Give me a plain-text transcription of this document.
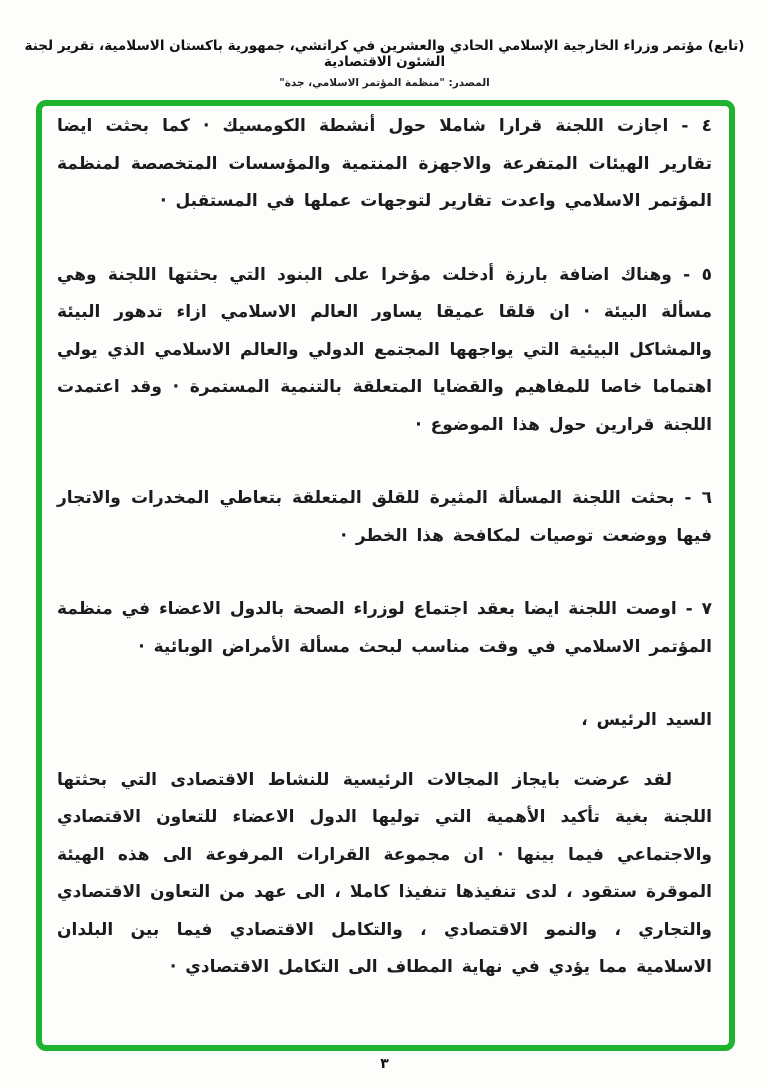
(تابع) مؤتمر وزراء الخارجية الإسلامي الحادي والعشرين في كراتشي، جمهورية باكستان الاسلامية، تقرير لجنة الشئون الاقتصادية
المصدر: "منظمة المؤتمر الاسلامي، جدة"

٤ - اجازت اللجنة قرارا شاملا حول أنشطة الكومسيك · كما بحثت ايضا تقارير الهيئات المتفرعة والاجهزة المنتمية والمؤسسات المتخصصة لمنظمة المؤتمر الاسلامي واعدت تقارير لتوجهات عملها في المستقبل ·

٥ - وهناك اضافة بارزة أدخلت مؤخرا على البنود التي بحثتها اللجنة وهي مسألة البيئة · ان قلقا عميقا يساور العالم الاسلامي ازاء تدهور البيئة والمشاكل البيئية التي يواجهها المجتمع الدولي والعالم الاسلامي الذي يولي اهتماما خاصا للمفاهيم والقضايا المتعلقة بالتنمية المستمرة · وقد اعتمدت اللجنة قرارين حول هذا الموضوع ·

٦ - بحثت اللجنة المسألة المثيرة للقلق المتعلقة بتعاطي المخدرات والاتجار فيها ووضعت توصيات لمكافحة هذا الخطر ·

٧ - اوصت اللجنة ايضا بعقد اجتماع لوزراء الصحة بالدول الاعضاء في منظمة المؤتمر الاسلامي في وقت مناسب لبحث مسألة الأمراض الوبائية ·

السيد الرئيس ،

لقد عرضت بايجاز المجالات الرئيسية للنشاط الاقتصادى التي بحثتها اللجنة بغية تأكيد الأهمية التي توليها الدول الاعضاء للتعاون الاقتصادي والاجتماعي فيما بينها · ان مجموعة القرارات المرفوعة الى هذه الهيئة الموقرة ستقود ، لدى تنفيذها تنفيذا كاملا ، الى عهد من التعاون الاقتصادي والتجاري ، والنمو الاقتصادي ، والتكامل الاقتصادي فيما بين البلدان الاسلامية مما يؤدي في نهاية المطاف الى التكامل الاقتصادي ·

٣
